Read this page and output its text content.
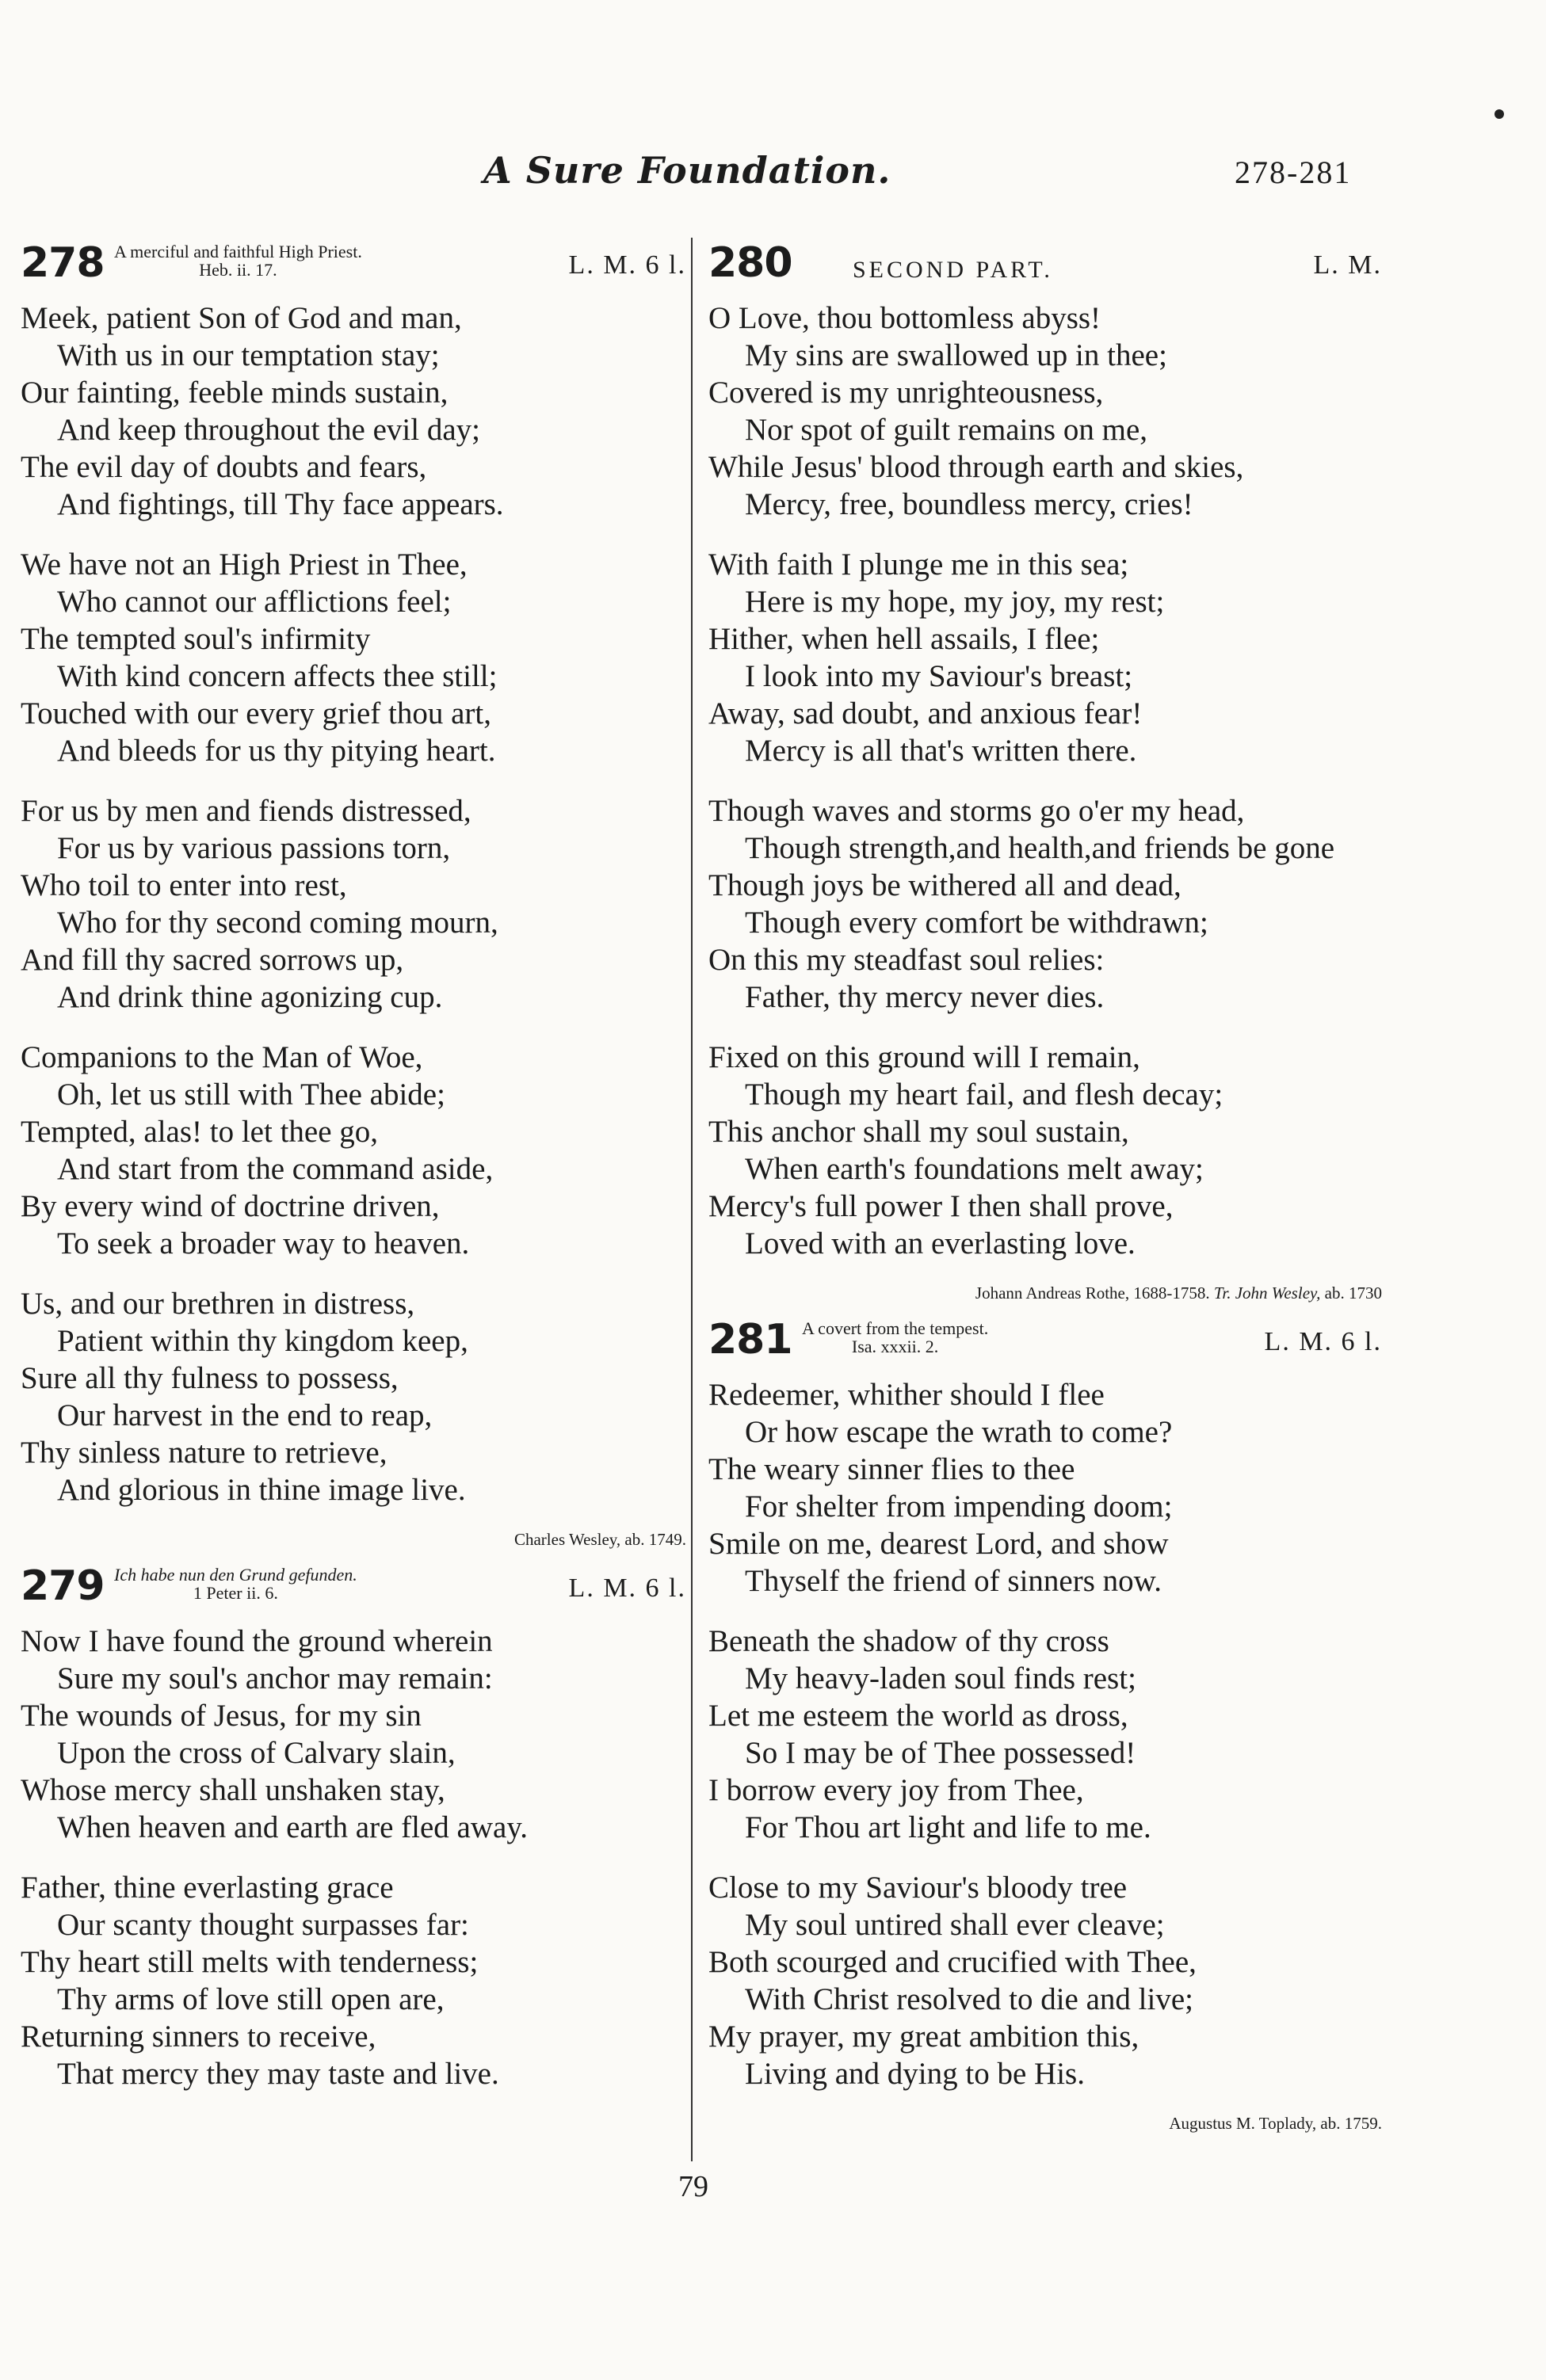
A Sure Foundation.	278-281
278 A merciful and faithful High Priest.
Heb. ii. 17.	L. M. 6 l.
Meek, patient Son of God and man,
With us in our temptation stay;
Our fainting, feeble minds sustain,
And keep throughout the evil day;
The evil day of doubts and fears,
And fightings, till Thy face appears.
We have not an High Priest in Thee,
Who cannot our afflictions feel;
The tempted soul's infirmity
With kind concern affects thee still;
Touched with our every grief thou art,
And bleeds for us thy pitying heart.
For us by men and fiends distressed,
For us by various passions torn,
Who toil to enter into rest,
Who for thy second coming mourn,
And fill thy sacred sorrows up,
And drink thine agonizing cup.
Companions to the Man of Woe,
Oh, let us still with Thee abide;
Tempted, alas! to let thee go,
And start from the command aside,
By every wind of doctrine driven,
To seek a broader way to heaven.
Us, and our brethren in distress,
Patient within thy kingdom keep,
Sure all thy fulness to possess,
Our harvest in the end to reap,
Thy sinless nature to retrieve,
And glorious in thine image live.
Charles Wesley, ab. 1749.
279 Ich habe nun den Grund gefunden.
1 Peter ii. 6.	L. M. 6 l.
Now I have found the ground wherein
Sure my soul's anchor may remain:
The wounds of Jesus, for my sin
Upon the cross of Calvary slain,
Whose mercy shall unshaken stay,
When heaven and earth are fled away.
Father, thine everlasting grace
Our scanty thought surpasses far:
Thy heart still melts with tenderness;
Thy arms of love still open are,
Returning sinners to receive,
That mercy they may taste and live.
280	SECOND PART.	L. M.
O Love, thou bottomless abyss!
My sins are swallowed up in thee;
Covered is my unrighteousness,
Nor spot of guilt remains on me,
While Jesus' blood through earth and skies,
Mercy, free, boundless mercy, cries!
With faith I plunge me in this sea;
Here is my hope, my joy, my rest;
Hither, when hell assails, I flee;
I look into my Saviour's breast;
Away, sad doubt, and anxious fear!
Mercy is all that's written there.
Though waves and storms go o'er my head,
Though strength,and health,and friends be gone
Though joys be withered all and dead,
Though every comfort be withdrawn;
On this my steadfast soul relies:
Father, thy mercy never dies.
Fixed on this ground will I remain,
Though my heart fail, and flesh decay;
This anchor shall my soul sustain,
When earth's foundations melt away;
Mercy's full power I then shall prove,
Loved with an everlasting love.
Johann Andreas Rothe, 1688-1758. Tr. John Wesley, ab. 1730
281 A covert from the tempest.
Isa. xxxii. 2.	L. M. 6 l.
Redeemer, whither should I flee
Or how escape the wrath to come?
The weary sinner flies to thee
For shelter from impending doom;
Smile on me, dearest Lord, and show
Thyself the friend of sinners now.
Beneath the shadow of thy cross
My heavy-laden soul finds rest;
Let me esteem the world as dross,
So I may be of Thee possessed!
I borrow every joy from Thee,
For Thou art light and life to me.
Close to my Saviour's bloody tree
My soul untired shall ever cleave;
Both scourged and crucified with Thee,
With Christ resolved to die and live;
My prayer, my great ambition this,
Living and dying to be His.
Augustus M. Toplady, ab. 1759.
79
